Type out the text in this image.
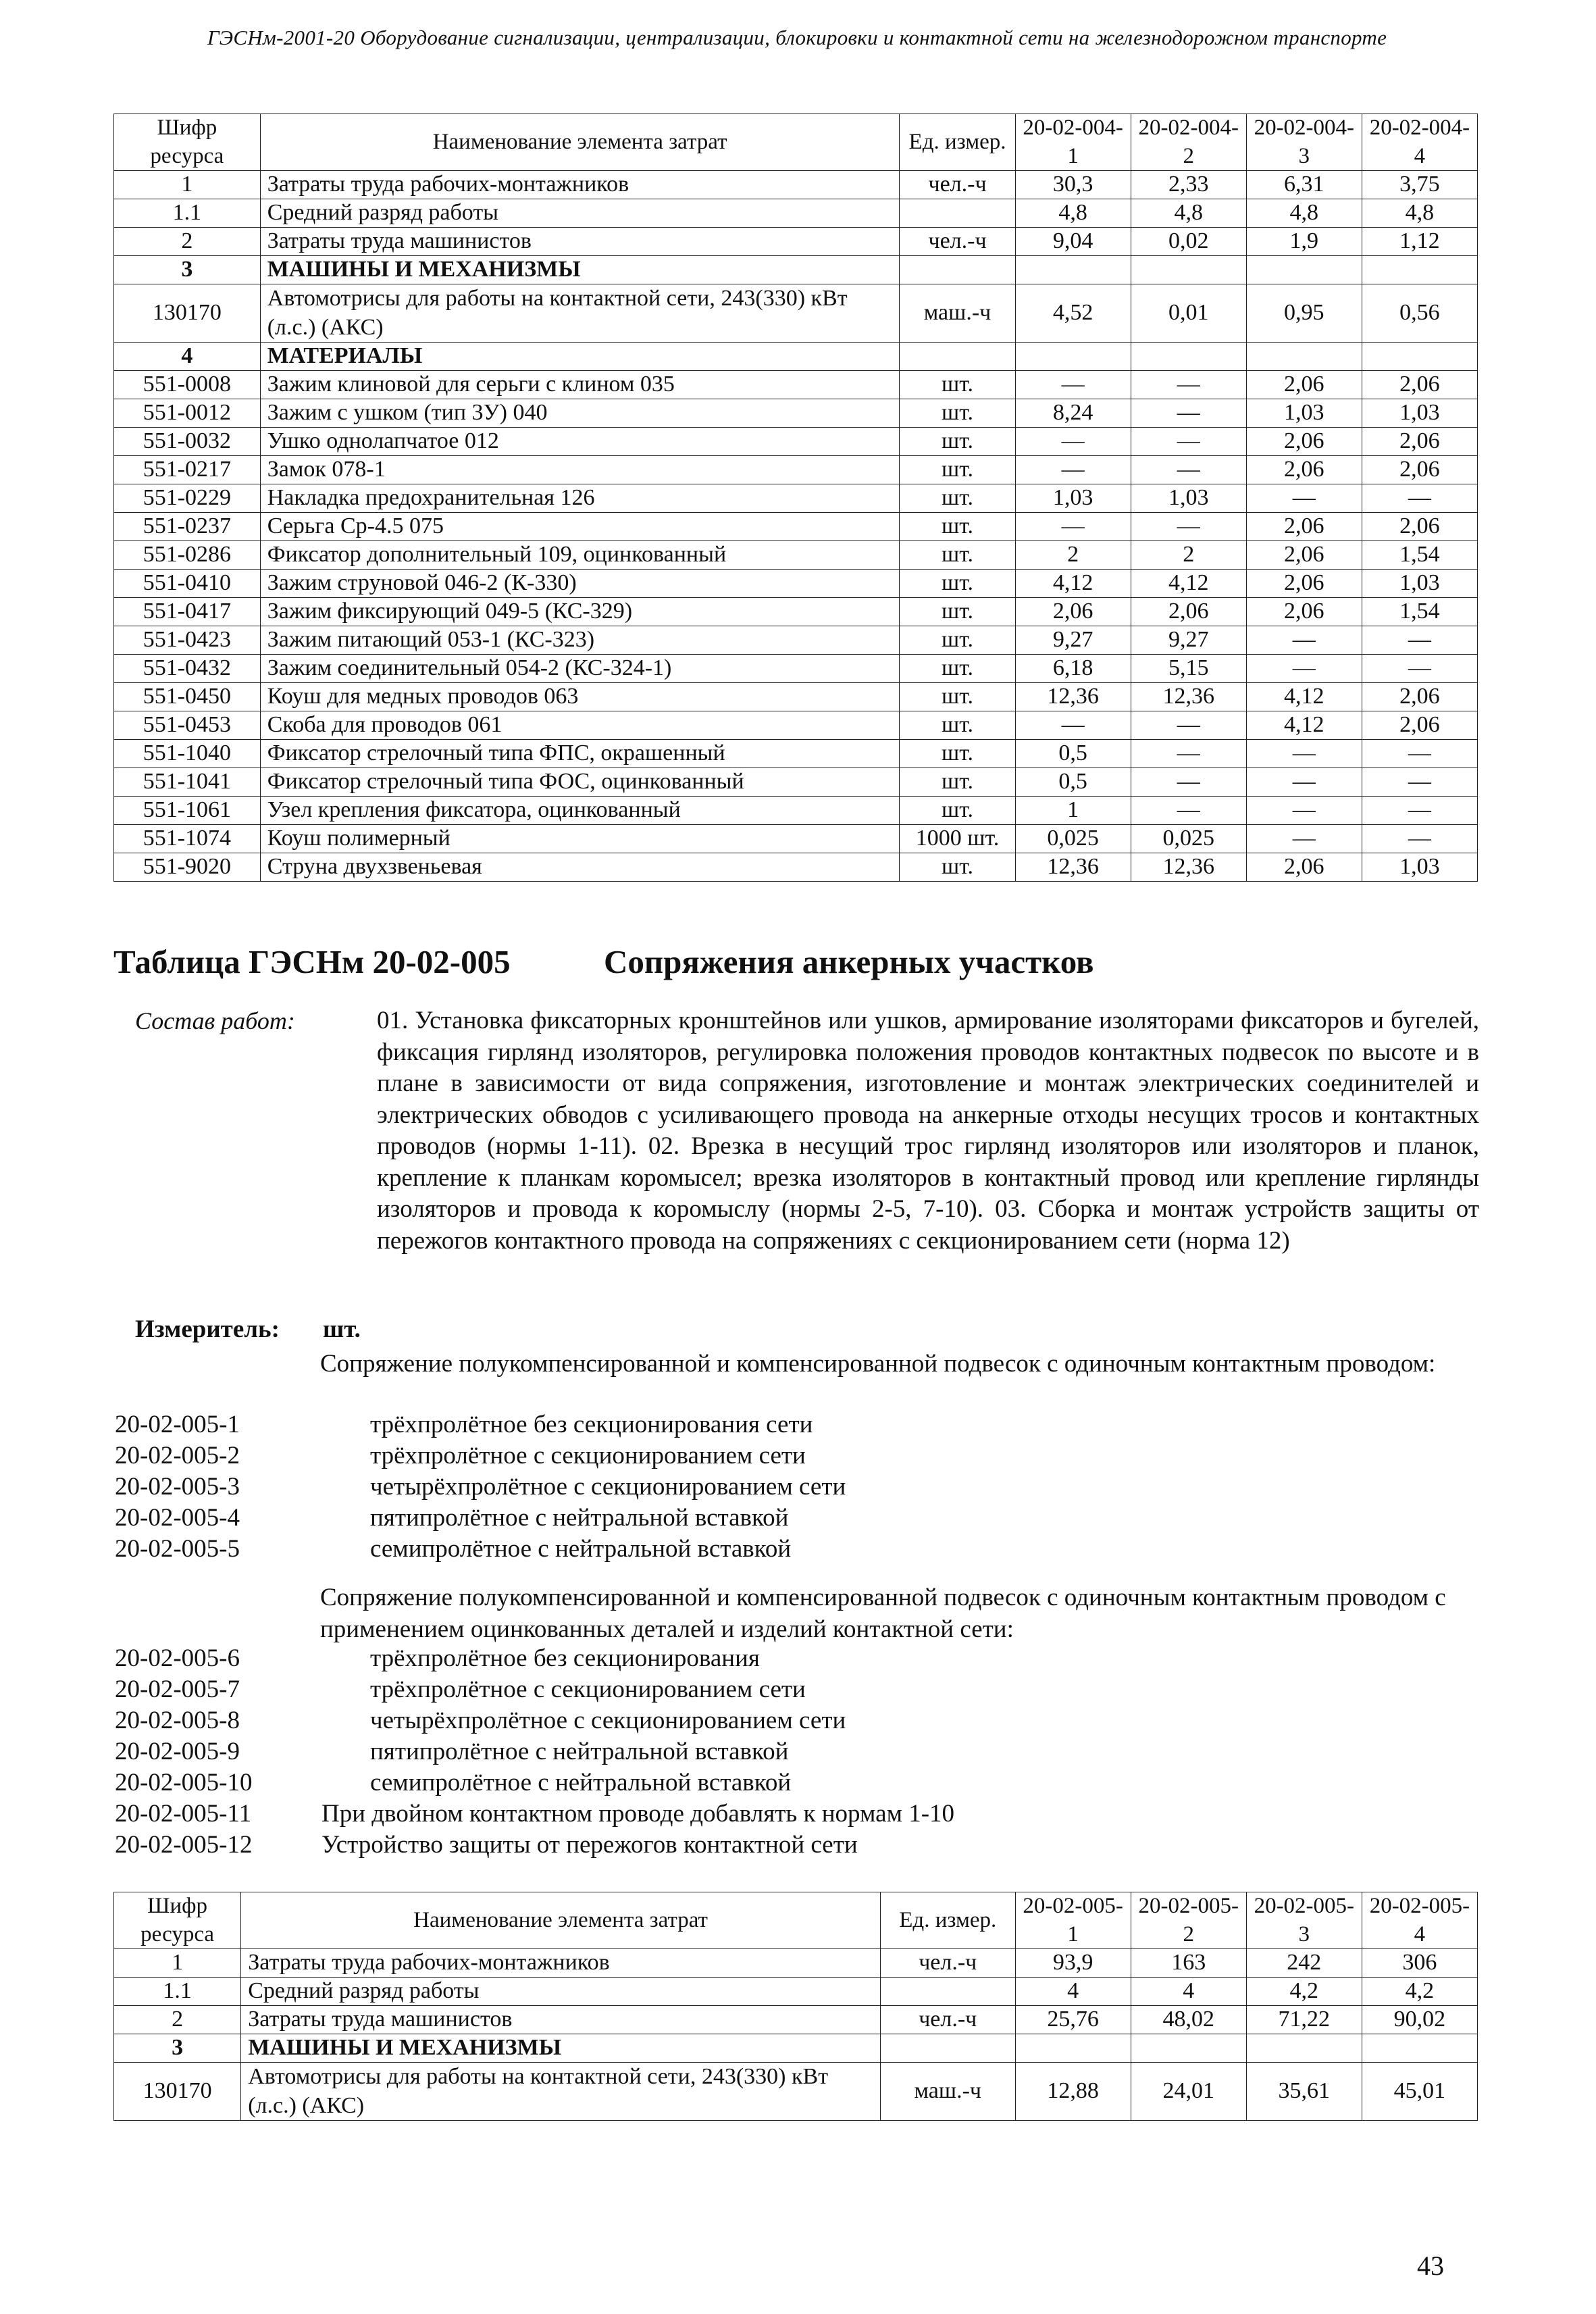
ГЭСНм-2001-20 Оборудование сигнализации, централизации, блокировки и контактной сети на железнодорожном транспорте
Шифр ресурса	Наименование элемента затрат	Ед. измер.	20-02-004-1	20-02-004-2	20-02-004-3	20-02-004-4
1	Затраты труда рабочих-монтажников	чел.-ч	30,3	2,33	6,31	3,75
1.1	Средний разряд работы		4,8	4,8	4,8	4,8
2	Затраты труда машинистов	чел.-ч	9,04	0,02	1,9	1,12
3	МАШИНЫ И МЕХАНИЗМЫ					
130170	Автомотрисы для работы на контактной сети, 243(330) кВт (л.с.) (АКС)	маш.-ч	4,52	0,01	0,95	0,56
4	МАТЕРИАЛЫ					
551-0008	Зажим клиновой для серьги с клином 035	шт.	—	—	2,06	2,06
551-0012	Зажим с ушком (тип 3У) 040	шт.	8,24	—	1,03	1,03
551-0032	Ушко однолапчатое 012	шт.	—	—	2,06	2,06
551-0217	Замок 078-1	шт.	—	—	2,06	2,06
551-0229	Накладка предохранительная 126	шт.	1,03	1,03	—	—
551-0237	Серьга Ср-4.5 075	шт.	—	—	2,06	2,06
551-0286	Фиксатор дополнительный 109, оцинкованный	шт.	2	2	2,06	1,54
551-0410	Зажим струновой 046-2 (К-330)	шт.	4,12	4,12	2,06	1,03
551-0417	Зажим фиксирующий 049-5 (КС-329)	шт.	2,06	2,06	2,06	1,54
551-0423	Зажим питающий 053-1 (КС-323)	шт.	9,27	9,27	—	—
551-0432	Зажим соединительный 054-2 (КС-324-1)	шт.	6,18	5,15	—	—
551-0450	Коуш для медных проводов 063	шт.	12,36	12,36	4,12	2,06
551-0453	Скоба для проводов 061	шт.	—	—	4,12	2,06
551-1040	Фиксатор стрелочный типа ФПС, окрашенный	шт.	0,5	—	—	—
551-1041	Фиксатор стрелочный типа ФОС, оцинкованный	шт.	0,5	—	—	—
551-1061	Узел крепления фиксатора, оцинкованный	шт.	1	—	—	—
551-1074	Коуш полимерный	1000 шт.	0,025	0,025	—	—
551-9020	Струна двухзвеньевая	шт.	12,36	12,36	2,06	1,03
Таблица ГЭСНм 20-02-005	Сопряжения анкерных участков
Состав работ:	01. Установка фиксаторных кронштейнов или ушков, армирование изоляторами фиксаторов и бугелей, фиксация гирлянд изоляторов, регулировка положения проводов контактных подвесок по высоте и в плане в зависимости от вида сопряжения, изготовление и монтаж электрических соединителей и электрических обводов с усиливающего провода на анкерные отходы несущих тросов и контактных проводов (нормы 1-11). 02. Врезка в несущий трос гирлянд изоляторов или изоляторов и планок, крепление к планкам коромысел; врезка изоляторов в контактный провод или крепление гирлянды изоляторов и провода к коромыслу (нормы 2-5, 7-10). 03. Сборка и монтаж устройств защиты от пережогов контактного провода на сопряжениях с секционированием сети (норма 12)
Измеритель: шт.
Сопряжение полукомпенсированной и компенсированной подвесок с одиночным контактным проводом:
20-02-005-1	трёхпролётное без секционирования сети
20-02-005-2	трёхпролётное с секционированием сети
20-02-005-3	четырёхпролётное с секционированием сети
20-02-005-4	пятипролётное с нейтральной вставкой
20-02-005-5	семипролётное с нейтральной вставкой
Сопряжение полукомпенсированной и компенсированной подвесок с одиночным контактным проводом с применением оцинкованных деталей и изделий контактной сети:
20-02-005-6	трёхпролётное без секционирования
20-02-005-7	трёхпролётное с секционированием сети
20-02-005-8	четырёхпролётное с секционированием сети
20-02-005-9	пятипролётное с нейтральной вставкой
20-02-005-10	семипролётное с нейтральной вставкой
20-02-005-11	При двойном контактном проводе добавлять к нормам 1-10
20-02-005-12	Устройство защиты от пережогов контактной сети
Шифр ресурса	Наименование элемента затрат	Ед. измер.	20-02-005-1	20-02-005-2	20-02-005-3	20-02-005-4
1	Затраты труда рабочих-монтажников	чел.-ч	93,9	163	242	306
1.1	Средний разряд работы		4	4	4,2	4,2
2	Затраты труда машинистов	чел.-ч	25,76	48,02	71,22	90,02
3	МАШИНЫ И МЕХАНИЗМЫ					
130170	Автомотрисы для работы на контактной сети, 243(330) кВт (л.с.) (АКС)	маш.-ч	12,88	24,01	35,61	45,01
43
